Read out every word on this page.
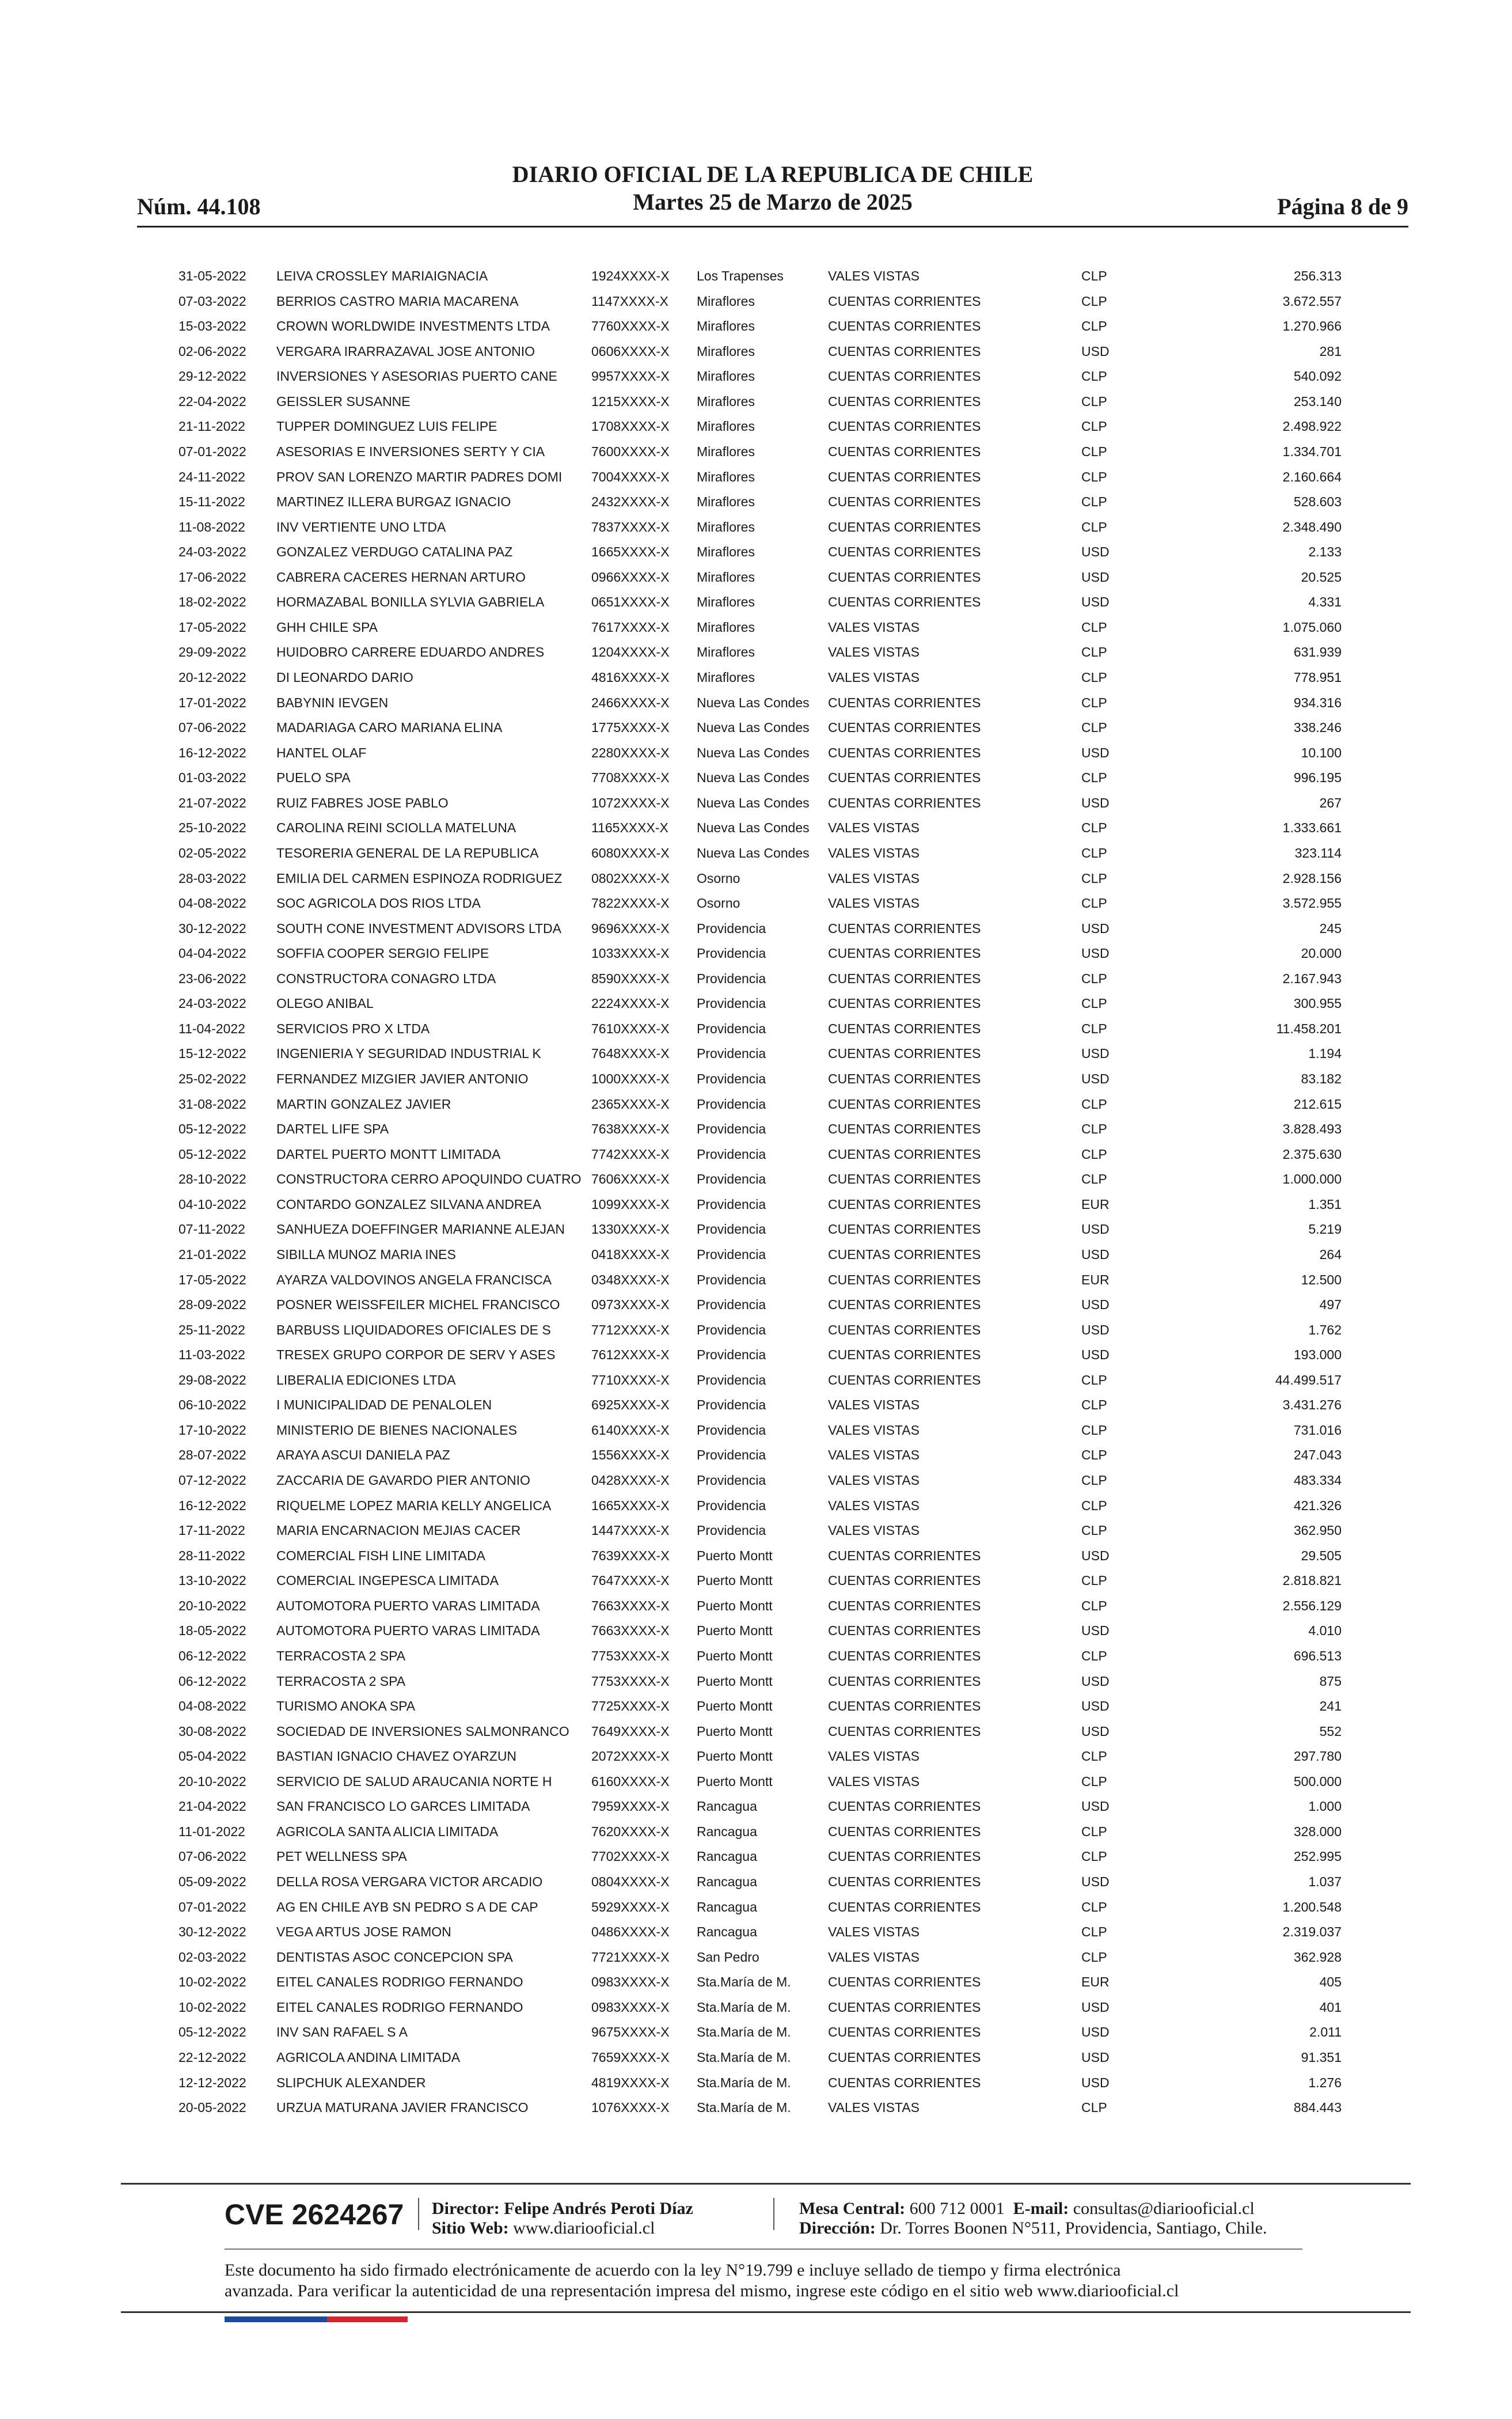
Núm. 44.108
DIARIO OFICIAL DE LA REPUBLICA DE CHILE
Martes 25 de Marzo de 2025	Página 8 de 9
31-05-2022 LEIVA CROSSLEY MARIAIGNACIA	1924XXXX-X Los Trapenses	VALES VISTAS	CLP	256.313
07-03-2022 BERRIOS CASTRO MARIA MACARENA	1147XXXX-X Miraflores	CUENTAS CORRIENTES	CLP	3.672.557
15-03-2022 CROWN WORLDWIDE INVESTMENTS LTDA	7760XXXX-X Miraflores	CUENTAS CORRIENTES	CLP	1.270.966
02-06-2022 VERGARA IRARRAZAVAL JOSE ANTONIO	0606XXXX-X Miraflores	CUENTAS CORRIENTES	USD	281
29-12-2022 INVERSIONES Y ASESORIAS PUERTO CANE	9957XXXX-X Miraflores	CUENTAS CORRIENTES	CLP	540.092
22-04-2022 GEISSLER SUSANNE	1215XXXX-X Miraflores	CUENTAS CORRIENTES	CLP	253.140
21-11-2022 TUPPER DOMINGUEZ LUIS FELIPE	1708XXXX-X Miraflores	CUENTAS CORRIENTES	CLP	2.498.922
07-01-2022 ASESORIAS E INVERSIONES SERTY Y CIA	7600XXXX-X Miraflores	CUENTAS CORRIENTES	CLP	1.334.701
24-11-2022 PROV SAN LORENZO MARTIR PADRES DOMI 7004XXXX-X Miraflores	CUENTAS CORRIENTES	CLP	2.160.664
15-11-2022 MARTINEZ ILLERA BURGAZ IGNACIO	2432XXXX-X Miraflores	CUENTAS CORRIENTES	CLP	528.603
11-08-2022 INV VERTIENTE UNO LTDA	7837XXXX-X Miraflores	CUENTAS CORRIENTES	CLP	2.348.490
24-03-2022 GONZALEZ VERDUGO CATALINA PAZ	1665XXXX-X Miraflores	CUENTAS CORRIENTES	USD	2.133
17-06-2022 CABRERA CACERES HERNAN ARTURO	0966XXXX-X Miraflores	CUENTAS CORRIENTES	USD	20.525
18-02-2022 HORMAZABAL BONILLA SYLVIA GABRIELA	0651XXXX-X Miraflores	CUENTAS CORRIENTES	USD	4.331
17-05-2022 GHH CHILE SPA	7617XXXX-X Miraflores	VALES VISTAS	CLP	1.075.060
29-09-2022 HUIDOBRO CARRERE EDUARDO ANDRES	1204XXXX-X Miraflores	VALES VISTAS	CLP	631.939
20-12-2022 DI LEONARDO DARIO	4816XXXX-X Miraflores	VALES VISTAS	CLP	778.951
17-01-2022 BABYNIN IEVGEN	2466XXXX-X Nueva Las Condes CUENTAS CORRIENTES	CLP	934.316
07-06-2022 MADARIAGA CARO MARIANA ELINA	1775XXXX-X Nueva Las Condes CUENTAS CORRIENTES	CLP	338.246
16-12-2022 HANTEL OLAF	2280XXXX-X Nueva Las Condes CUENTAS CORRIENTES	USD	10.100
01-03-2022 PUELO SPA	7708XXXX-X Nueva Las Condes CUENTAS CORRIENTES	CLP	996.195
21-07-2022 RUIZ FABRES JOSE PABLO	1072XXXX-X Nueva Las Condes CUENTAS CORRIENTES	USD	267
25-10-2022 CAROLINA REINI SCIOLLA MATELUNA	1165XXXX-X Nueva Las Condes VALES VISTAS	CLP	1.333.661
02-05-2022 TESORERIA GENERAL DE LA REPUBLICA	6080XXXX-X Nueva Las Condes VALES VISTAS	CLP	323.114
28-03-2022 EMILIA DEL CARMEN ESPINOZA RODRIGUEZ 0802XXXX-X Osorno	VALES VISTAS	CLP	2.928.156
04-08-2022 SOC AGRICOLA DOS RIOS LTDA	7822XXXX-X Osorno	VALES VISTAS	CLP	3.572.955
30-12-2022 SOUTH CONE INVESTMENT ADVISORS LTDA 9696XXXX-X Providencia	CUENTAS CORRIENTES	USD	245
04-04-2022 SOFFIA COOPER SERGIO FELIPE	1033XXXX-X Providencia	CUENTAS CORRIENTES	USD	20.000
23-06-2022 CONSTRUCTORA CONAGRO LTDA	8590XXXX-X Providencia	CUENTAS CORRIENTES	CLP	2.167.943
24-03-2022 OLEGO ANIBAL	2224XXXX-X Providencia	CUENTAS CORRIENTES	CLP	300.955
11-04-2022 SERVICIOS PRO X LTDA	7610XXXX-X Providencia	CUENTAS CORRIENTES	CLP	11.458.201
15-12-2022 INGENIERIA Y SEGURIDAD INDUSTRIAL K	7648XXXX-X Providencia	CUENTAS CORRIENTES	USD	1.194
25-02-2022 FERNANDEZ MIZGIER JAVIER ANTONIO	1000XXXX-X Providencia	CUENTAS CORRIENTES	USD	83.182
31-08-2022 MARTIN GONZALEZ JAVIER	2365XXXX-X Providencia	CUENTAS CORRIENTES	CLP	212.615
05-12-2022 DARTEL LIFE SPA	7638XXXX-X Providencia	CUENTAS CORRIENTES	CLP	3.828.493
05-12-2022 DARTEL PUERTO MONTT LIMITADA	7742XXXX-X Providencia	CUENTAS CORRIENTES	CLP	2.375.630
28-10-2022 CONSTRUCTORA CERRO APOQUINDO CUATRO 7606XXXX-X Providencia	CUENTAS CORRIENTES	CLP	1.000.000
04-10-2022 CONTARDO GONZALEZ SILVANA ANDREA	1099XXXX-X Providencia	CUENTAS CORRIENTES	EUR	1.351
07-11-2022 SANHUEZA DOEFFINGER MARIANNE ALEJAN 1330XXXX-X Providencia	CUENTAS CORRIENTES	USD	5.219
21-01-2022 SIBILLA MUNOZ MARIA INES	0418XXXX-X Providencia	CUENTAS CORRIENTES	USD	264
17-05-2022 AYARZA VALDOVINOS ANGELA FRANCISCA	0348XXXX-X Providencia	CUENTAS CORRIENTES	EUR	12.500
28-09-2022 POSNER WEISSFEILER MICHEL FRANCISCO 0973XXXX-X Providencia	CUENTAS CORRIENTES	USD	497
25-11-2022 BARBUSS LIQUIDADORES OFICIALES DE S	7712XXXX-X Providencia	CUENTAS CORRIENTES	USD	1.762
11-03-2022 TRESEX GRUPO CORPOR DE SERV Y ASES	7612XXXX-X Providencia	CUENTAS CORRIENTES	USD	193.000
29-08-2022 LIBERALIA EDICIONES LTDA	7710XXXX-X Providencia	CUENTAS CORRIENTES	CLP	44.499.517
06-10-2022 I MUNICIPALIDAD DE PENALOLEN	6925XXXX-X Providencia	VALES VISTAS	CLP	3.431.276
17-10-2022 MINISTERIO DE BIENES NACIONALES	6140XXXX-X Providencia	VALES VISTAS	CLP	731.016
28-07-2022 ARAYA ASCUI DANIELA PAZ	1556XXXX-X Providencia	VALES VISTAS	CLP	247.043
07-12-2022 ZACCARIA DE GAVARDO PIER ANTONIO	0428XXXX-X Providencia	VALES VISTAS	CLP	483.334
16-12-2022 RIQUELME LOPEZ MARIA KELLY ANGELICA	1665XXXX-X Providencia	VALES VISTAS	CLP	421.326
17-11-2022 MARIA ENCARNACION MEJIAS CACER	1447XXXX-X Providencia	VALES VISTAS	CLP	362.950
28-11-2022 COMERCIAL FISH LINE LIMITADA	7639XXXX-X Puerto Montt	CUENTAS CORRIENTES	USD	29.505
13-10-2022 COMERCIAL INGEPESCA LIMITADA	7647XXXX-X Puerto Montt	CUENTAS CORRIENTES	CLP	2.818.821
20-10-2022 AUTOMOTORA PUERTO VARAS LIMITADA	7663XXXX-X Puerto Montt	CUENTAS CORRIENTES	CLP	2.556.129
18-05-2022 AUTOMOTORA PUERTO VARAS LIMITADA	7663XXXX-X Puerto Montt	CUENTAS CORRIENTES	USD	4.010
06-12-2022 TERRACOSTA 2 SPA	7753XXXX-X Puerto Montt	CUENTAS CORRIENTES	CLP	696.513
06-12-2022 TERRACOSTA 2 SPA	7753XXXX-X Puerto Montt	CUENTAS CORRIENTES	USD	875
04-08-2022 TURISMO ANOKA SPA	7725XXXX-X Puerto Montt	CUENTAS CORRIENTES	USD	241
30-08-2022 SOCIEDAD DE INVERSIONES SALMONRANCO 7649XXXX-X Puerto Montt	CUENTAS CORRIENTES	USD	552
05-04-2022 BASTIAN IGNACIO CHAVEZ OYARZUN	2072XXXX-X Puerto Montt	VALES VISTAS	CLP	297.780
20-10-2022 SERVICIO DE SALUD ARAUCANIA NORTE H	6160XXXX-X Puerto Montt	VALES VISTAS	CLP	500.000
21-04-2022 SAN FRANCISCO LO GARCES LIMITADA	7959XXXX-X Rancagua	CUENTAS CORRIENTES	USD	1.000
11-01-2022 AGRICOLA SANTA ALICIA LIMITADA	7620XXXX-X Rancagua	CUENTAS CORRIENTES	CLP	328.000
07-06-2022 PET WELLNESS SPA	7702XXXX-X Rancagua	CUENTAS CORRIENTES	CLP	252.995
05-09-2022 DELLA ROSA VERGARA VICTOR ARCADIO	0804XXXX-X Rancagua	CUENTAS CORRIENTES	USD	1.037
07-01-2022 AG EN CHILE AYB SN PEDRO S A DE CAP	5929XXXX-X Rancagua	CUENTAS CORRIENTES	CLP	1.200.548
30-12-2022 VEGA ARTUS JOSE RAMON	0486XXXX-X Rancagua	VALES VISTAS	CLP	2.319.037
02-03-2022 DENTISTAS ASOC CONCEPCION SPA	7721XXXX-X San Pedro	VALES VISTAS	CLP	362.928
10-02-2022 EITEL CANALES RODRIGO FERNANDO	0983XXXX-X Sta.María de M.	CUENTAS CORRIENTES	EUR	405
10-02-2022 EITEL CANALES RODRIGO FERNANDO	0983XXXX-X Sta.María de M.	CUENTAS CORRIENTES	USD	401
05-12-2022 INV SAN RAFAEL S A	9675XXXX-X Sta.María de M.	CUENTAS CORRIENTES	USD	2.011
22-12-2022 AGRICOLA ANDINA LIMITADA	7659XXXX-X Sta.María de M.	CUENTAS CORRIENTES	USD	91.351
12-12-2022 SLIPCHUK ALEXANDER	4819XXXX-X Sta.María de M.	CUENTAS CORRIENTES	USD	1.276
20-05-2022 URZUA MATURANA JAVIER FRANCISCO	1076XXXX-X Sta.María de M.	VALES VISTAS	CLP	884.443
CVE 2624267 Director: Felipe Andrés Peroti Díaz
Sitio Web: www.diariooficial.cl
Mesa Central: 600 712 0001 E-mail: consultas@diariooficial.cl
Dirección: Dr. Torres Boonen N°511, Providencia, Santiago, Chile.
Este documento ha sido firmado electrónicamente de acuerdo con la ley N°19.799 e incluye sellado de tiempo y firma electrónica
avanzada. Para verificar la autenticidad de una representación impresa del mismo, ingrese este código en el sitio web www.diariooficial.cl
